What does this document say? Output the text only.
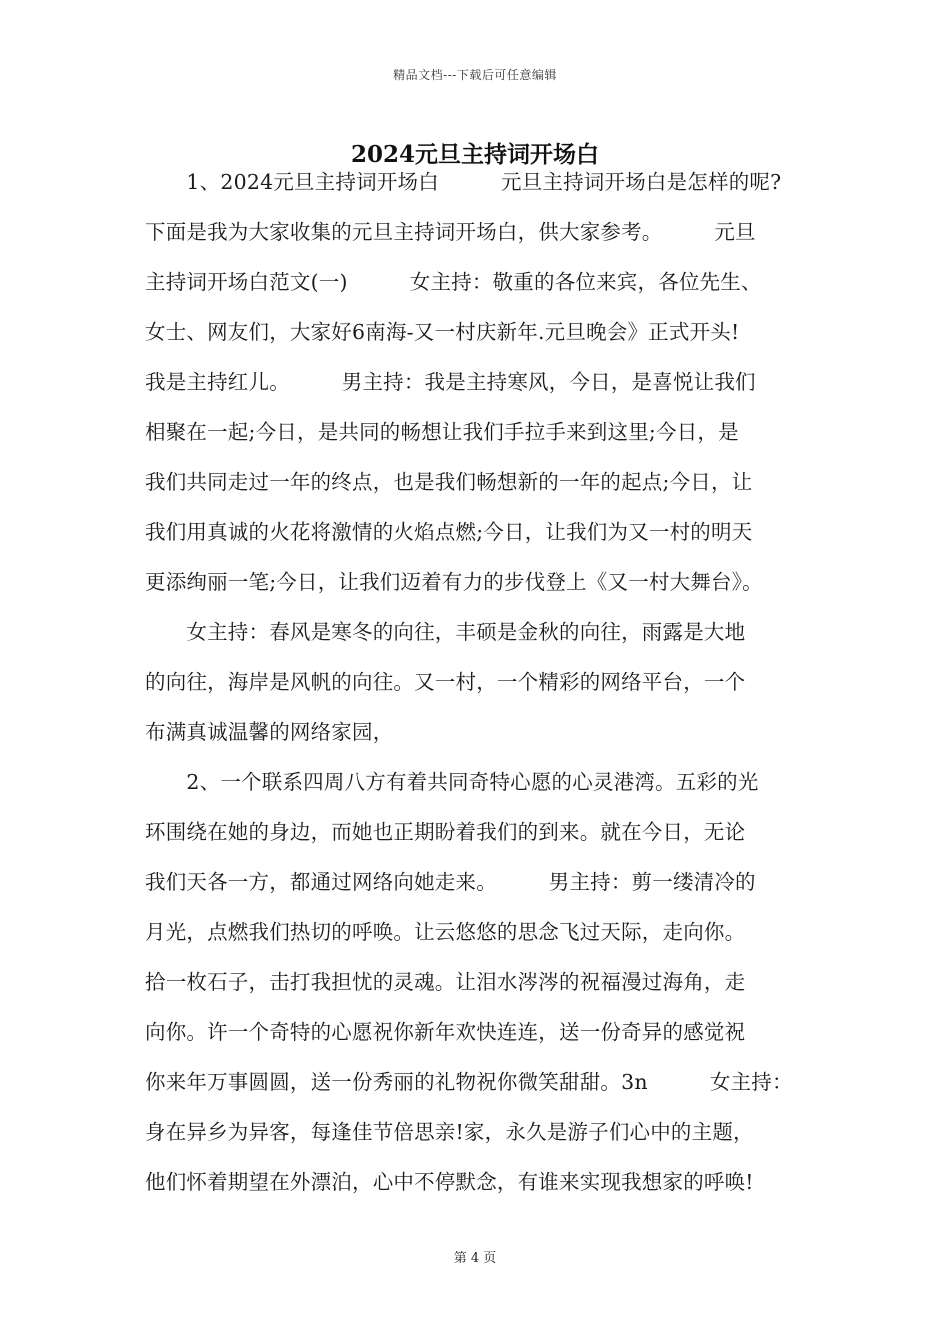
精品文档---下载后可任意编辑
2024元旦主持词开场白
　　1、2024元旦主持词开场白　　　元旦主持词开场白是怎样的呢?
下面是我为大家收集的元旦主持词开场白，供大家参考。　　　元旦
主持词开场白范文(一)　　　女主持：敬重的各位来宾，各位先生、
女士、网友们，大家好6南海-又一村庆新年.元旦晚会》正式开头!
我是主持红儿。　　　男主持：我是主持寒风，今日，是喜悦让我们
相聚在一起;今日，是共同的畅想让我们手拉手来到这里;今日，是
我们共同走过一年的终点，也是我们畅想新的一年的起点;今日，让
我们用真诚的火花将激情的火焰点燃;今日，让我们为又一村的明天
更添绚丽一笔;今日，让我们迈着有力的步伐登上《又一村大舞台》。
　　女主持：春风是寒冬的向往，丰硕是金秋的向往，雨露是大地
的向往，海岸是风帆的向往。又一村，一个精彩的网络平台，一个
布满真诚温馨的网络家园，
　　2、一个联系四周八方有着共同奇特心愿的心灵港湾。五彩的光
环围绕在她的身边，而她也正期盼着我们的到来。就在今日，无论
我们天各一方，都通过网络向她走来。　　　男主持：剪一缕清冷的
月光，点燃我们热切的呼唤。让云悠悠的思念飞过天际，走向你。
拾一枚石子，击打我担忧的灵魂。让泪水涔涔的祝福漫过海角，走
向你。许一个奇特的心愿祝你新年欢快连连，送一份奇异的感觉祝
你来年万事圆圆，送一份秀丽的礼物祝你微笑甜甜。3n　　　女主持：
身在异乡为异客，每逢佳节倍思亲!家，永久是游子们心中的主题，
他们怀着期望在外漂泊，心中不停默念，有谁来实现我想家的呼唤!
第 4 页
